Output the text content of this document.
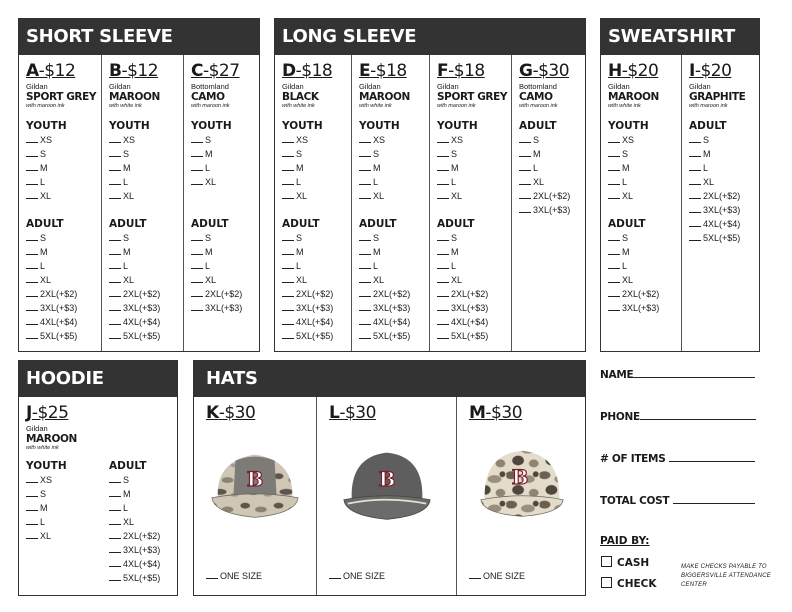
SHORT SLEEVE
A-$12
Gildan
SPORT GREY
with maroon ink
YOUTH
XS
S
M
L
XL
ADULT
S
M
L
XL
2XL(+$2)
3XL(+$3)
4XL(+$4)
5XL(+$5)
B-$12
Gildan
MAROON
with white ink
YOUTH
XS
S
M
L
XL
ADULT
S
M
L
XL
2XL(+$2)
3XL(+$3)
4XL(+$4)
5XL(+$5)
C-$27
Bottomland
CAMO
with maroon ink
YOUTH
S
M
L
XL
ADULT
S
M
L
XL
2XL(+$2)
3XL(+$3)
LONG SLEEVE
D-$18
Gildan
BLACK
with white ink
YOUTH
XS
S
M
L
XL
ADULT
S
M
L
XL
2XL(+$2)
3XL(+$3)
4XL(+$4)
5XL(+$5)
E-$18
Gildan
MAROON
with white ink
YOUTH
XS
S
M
L
XL
ADULT
S
M
L
XL
2XL(+$2)
3XL(+$3)
4XL(+$4)
5XL(+$5)
F-$18
Gildan
SPORT GREY
with maroon ink
YOUTH
XS
S
M
L
XL
ADULT
S
M
L
XL
2XL(+$2)
3XL(+$3)
4XL(+$4)
5XL(+$5)
G-$30
Bottomland
CAMO
with maroon ink
ADULT
S
M
L
XL
2XL(+$2)
3XL(+$3)
SWEATSHIRT
H-$20
Gildan
MAROON
with white ink
YOUTH
XS
S
M
L
XL
ADULT
S
M
L
XL
2XL(+$2)
3XL(+$3)
I-$20
Gildan
GRAPHITE
with maroon ink
ADULT
S
M
L
XL
2XL(+$2)
3XL(+$3)
4XL(+$4)
5XL(+$5)
HOODIE
J-$25
Gildan
MAROON
with white ink
YOUTH
XS
S
M
L
XL
ADULT
S
M
L
XL
2XL(+$2)
3XL(+$3)
4XL(+$4)
5XL(+$5)
HATS
K-$30
B
ONE SIZE
L-$30
B
ONE SIZE
M-$30
B
ONE SIZE
NAME
PHONE
# OF ITEMS
TOTAL COST
PAID BY:
CASH
CHECK
MAKE CHECKS PAYABLE TO BIGGERSVILLE ATTENDANCE CENTER
